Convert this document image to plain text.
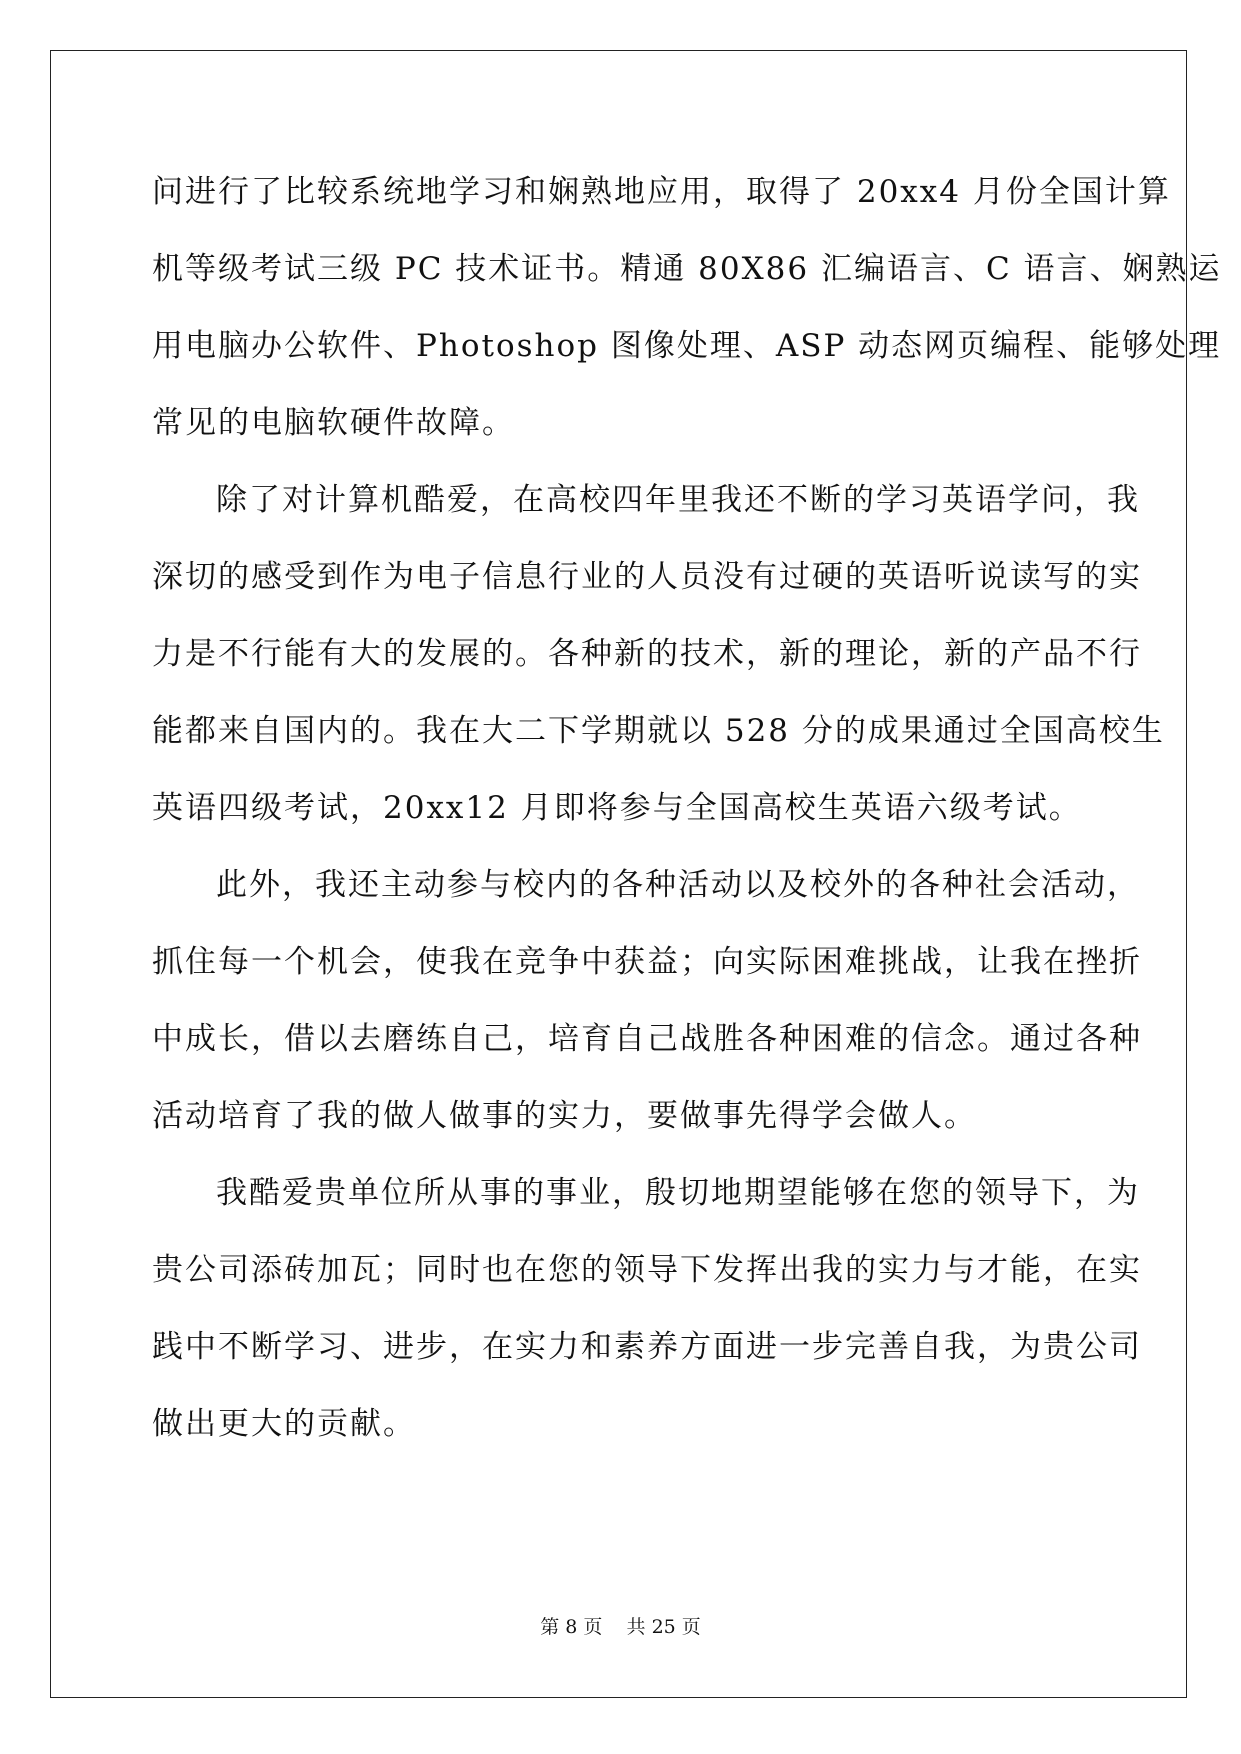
问进行了比较系统地学习和娴熟地应用，取得了 20xx4 月份全国计算
机等级考试三级 PC 技术证书。精通 80X86 汇编语言、C 语言、娴熟运
用电脑办公软件、Photoshop 图像处理、ASP 动态网页编程、能够处理
常见的电脑软硬件故障。
除了对计算机酷爱，在高校四年里我还不断的学习英语学问，我
深切的感受到作为电子信息行业的人员没有过硬的英语听说读写的实
力是不行能有大的发展的。各种新的技术，新的理论，新的产品不行
能都来自国内的。我在大二下学期就以 528 分的成果通过全国高校生
英语四级考试，20xx12 月即将参与全国高校生英语六级考试。
此外，我还主动参与校内的各种活动以及校外的各种社会活动，
抓住每一个机会，使我在竞争中获益；向实际困难挑战，让我在挫折
中成长，借以去磨练自己，培育自己战胜各种困难的信念。通过各种
活动培育了我的做人做事的实力，要做事先得学会做人。
我酷爱贵单位所从事的事业，殷切地期望能够在您的领导下，为
贵公司添砖加瓦；同时也在您的领导下发挥出我的实力与才能，在实
践中不断学习、进步，在实力和素养方面进一步完善自我，为贵公司
做出更大的贡献。
第 8 页    共 25 页
